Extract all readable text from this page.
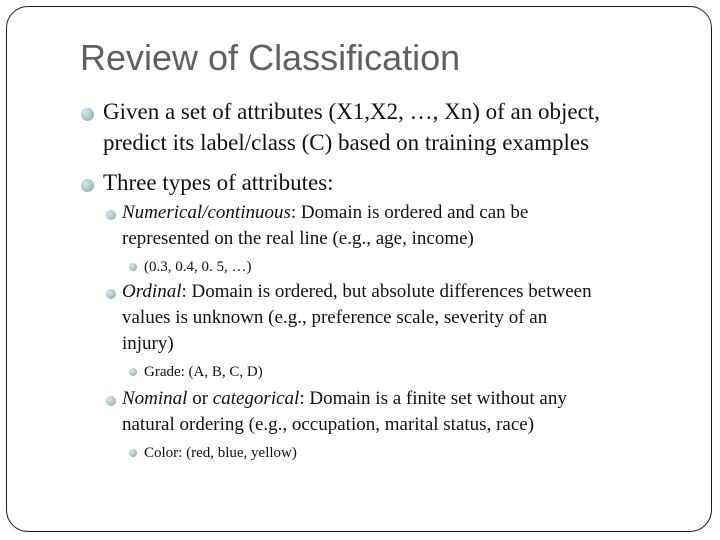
Review of Classification
Given a set of attributes (X1,X2, …, Xn) of an object,
predict its label/class (C) based on training examples
Three types of attributes:
Numerical/continuous: Domain is ordered and can be
represented on the real line (e.g., age, income)
(0.3, 0.4, 0. 5, …)
Ordinal: Domain is ordered, but absolute differences between
values is unknown (e.g., preference scale, severity of an
injury)
Grade: (A, B, C, D)
Nominal or categorical: Domain is a finite set without any
natural ordering (e.g., occupation, marital status, race)
Color: (red, blue, yellow)
